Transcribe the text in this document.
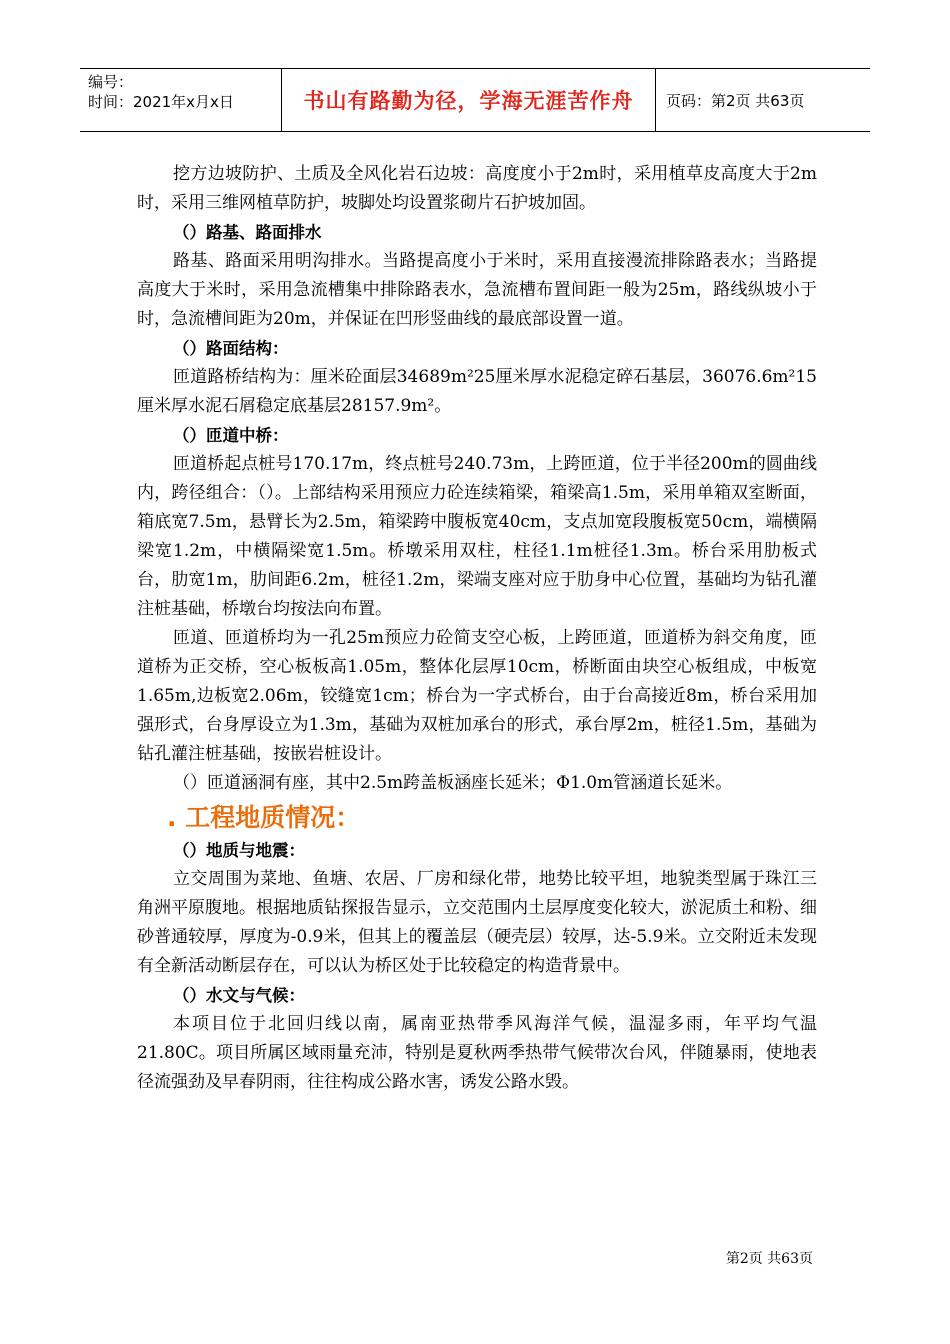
编号：
时间：2021年x月x日	书山有路勤为径，学海无涯苦作舟	页码：第2页 共63页

挖方边坡防护、土质及全风化岩石边坡：高度度小于2m时，采用植草皮高度大于2m时，采用三维网植草防护，坡脚处均设置浆砌片石护坡加固。

（）路基、路面排水

路基、路面采用明沟排水。当路提高度小于米时，采用直接漫流排除路表水；当路提高度大于米时，采用急流槽集中排除路表水，急流槽布置间距一般为25m，路线纵坡小于时，急流槽间距为20m，并保证在凹形竖曲线的最底部设置一道。

（）路面结构：

匝道路桥结构为：厘米砼面层34689m²25厘米厚水泥稳定碎石基层，36076.6m²15厘米厚水泥石屑稳定底基层28157.9m²。

（）匝道中桥：

匝道桥起点桩号170.17m，终点桩号240.73m，上跨匝道，位于半径200m的圆曲线内，跨径组合：（）。上部结构采用预应力砼连续箱梁，箱梁高1.5m，采用单箱双室断面，箱底宽7.5m，悬臂长为2.5m，箱梁跨中腹板宽40cm，支点加宽段腹板宽50cm，端横隔梁宽1.2m，中横隔梁宽1.5m。桥墩采用双柱，柱径1.1m桩径1.3m。桥台采用肋板式台，肋宽1m，肋间距6.2m，桩径1.2m，梁端支座对应于肋身中心位置，基础均为钻孔灌注桩基础，桥墩台均按法向布置。

匝道、匝道桥均为一孔25m预应力砼简支空心板，上跨匝道，匝道桥为斜交角度，匝道桥为正交桥，空心板板高1.05m，整体化层厚10cm，桥断面由块空心板组成，中板宽1.65m,边板宽2.06m，铰缝宽1cm；桥台为一字式桥台，由于台高接近8m，桥台采用加强形式，台身厚设立为1.3m，基础为双桩加承台的形式，承台厚2m，桩径1.5m，基础为钻孔灌注桩基础，按嵌岩桩设计。

（）匝道涵洞有座，其中2.5m跨盖板涵座长延米；Φ1.0m管涵道长延米。

. 工程地质情况：
（）地质与地震：

立交周围为菜地、鱼塘、农居、厂房和绿化带，地势比较平坦，地貌类型属于珠江三角洲平原腹地。根据地质钻探报告显示，立交范围内土层厚度变化较大，淤泥质土和粉、细砂普通较厚，厚度为-0.9米，但其上的覆盖层（硬壳层）较厚，达-5.9米。立交附近未发现有全新活动断层存在，可以认为桥区处于比较稳定的构造背景中。

（）水文与气候：

本项目位于北回归线以南，属南亚热带季风海洋气候，温湿多雨，年平均气温21.80C。项目所属区域雨量充沛，特别是夏秋两季热带气候带次台风，伴随暴雨，使地表径流强劲及早春阴雨，往往构成公路水害，诱发公路水毁。

第2页 共63页
